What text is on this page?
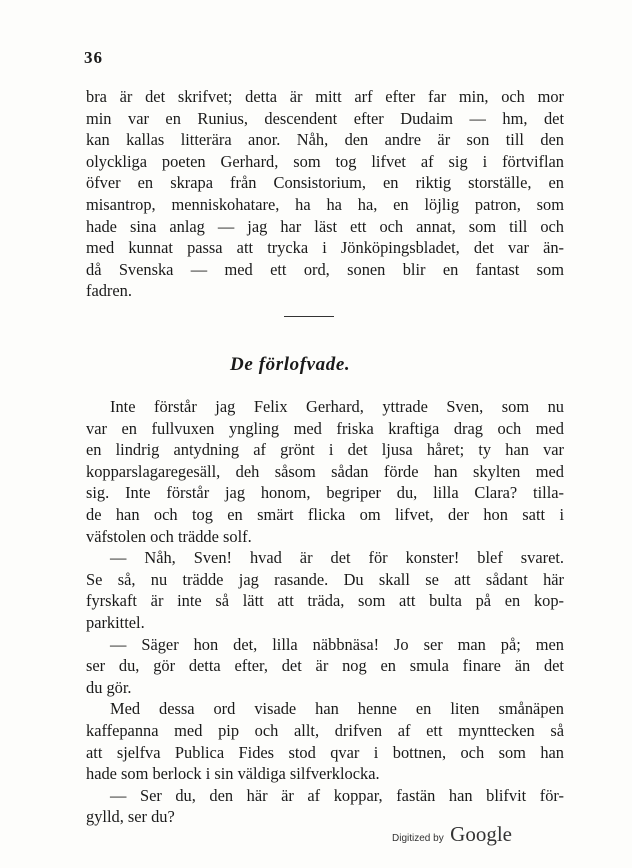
36
bra är det skrifvet; detta är mitt arf efter far min, och mor
min var en Runius, descendent efter Dudaim — hm, det
kan kallas litterära anor. Nåh, den andre är son till den
olyckliga poeten Gerhard, som tog lifvet af sig i förtviflan
öfver en skrapa från Consistorium, en riktig storställe, en
misantrop, menniskohatare, ha ha ha, en löjlig patron, som
hade sina anlag — jag har läst ett och annat, som till och
med kunnat passa att trycka i Jönköpingsbladet, det var än-
då Svenska — med ett ord, sonen blir en fantast som
fadren.
De förlofvade.
Inte förstår jag Felix Gerhard, yttrade Sven, som nu
var en fullvuxen yngling med friska kraftiga drag och med
en lindrig antydning af grönt i det ljusa håret; ty han var
kopparslagaregesäll, deh såsom sådan förde han skylten med
sig. Inte förstår jag honom, begriper du, lilla Clara? tilla-
de han och tog en smärt flicka om lifvet, der hon satt i
väfstolen och trädde solf.
— Nåh, Sven! hvad är det för konster! blef svaret.
Se så, nu trädde jag rasande. Du skall se att sådant här
fyrskaft är inte så lätt att träda, som att bulta på en kop-
parkittel.
— Säger hon det, lilla näbbnäsa! Jo ser man på; men
ser du, gör detta efter, det är nog en smula finare än det
du gör.
Med dessa ord visade han henne en liten smånäpen
kaffepanna med pip och allt, drifven af ett mynttecken så
att sjelfva Publica Fides stod qvar i bottnen, och som han
hade som berlock i sin väldiga silfverklocka.
— Ser du, den här är af koppar, fastän han blifvit för-
gylld, ser du?
Digitized by Google
